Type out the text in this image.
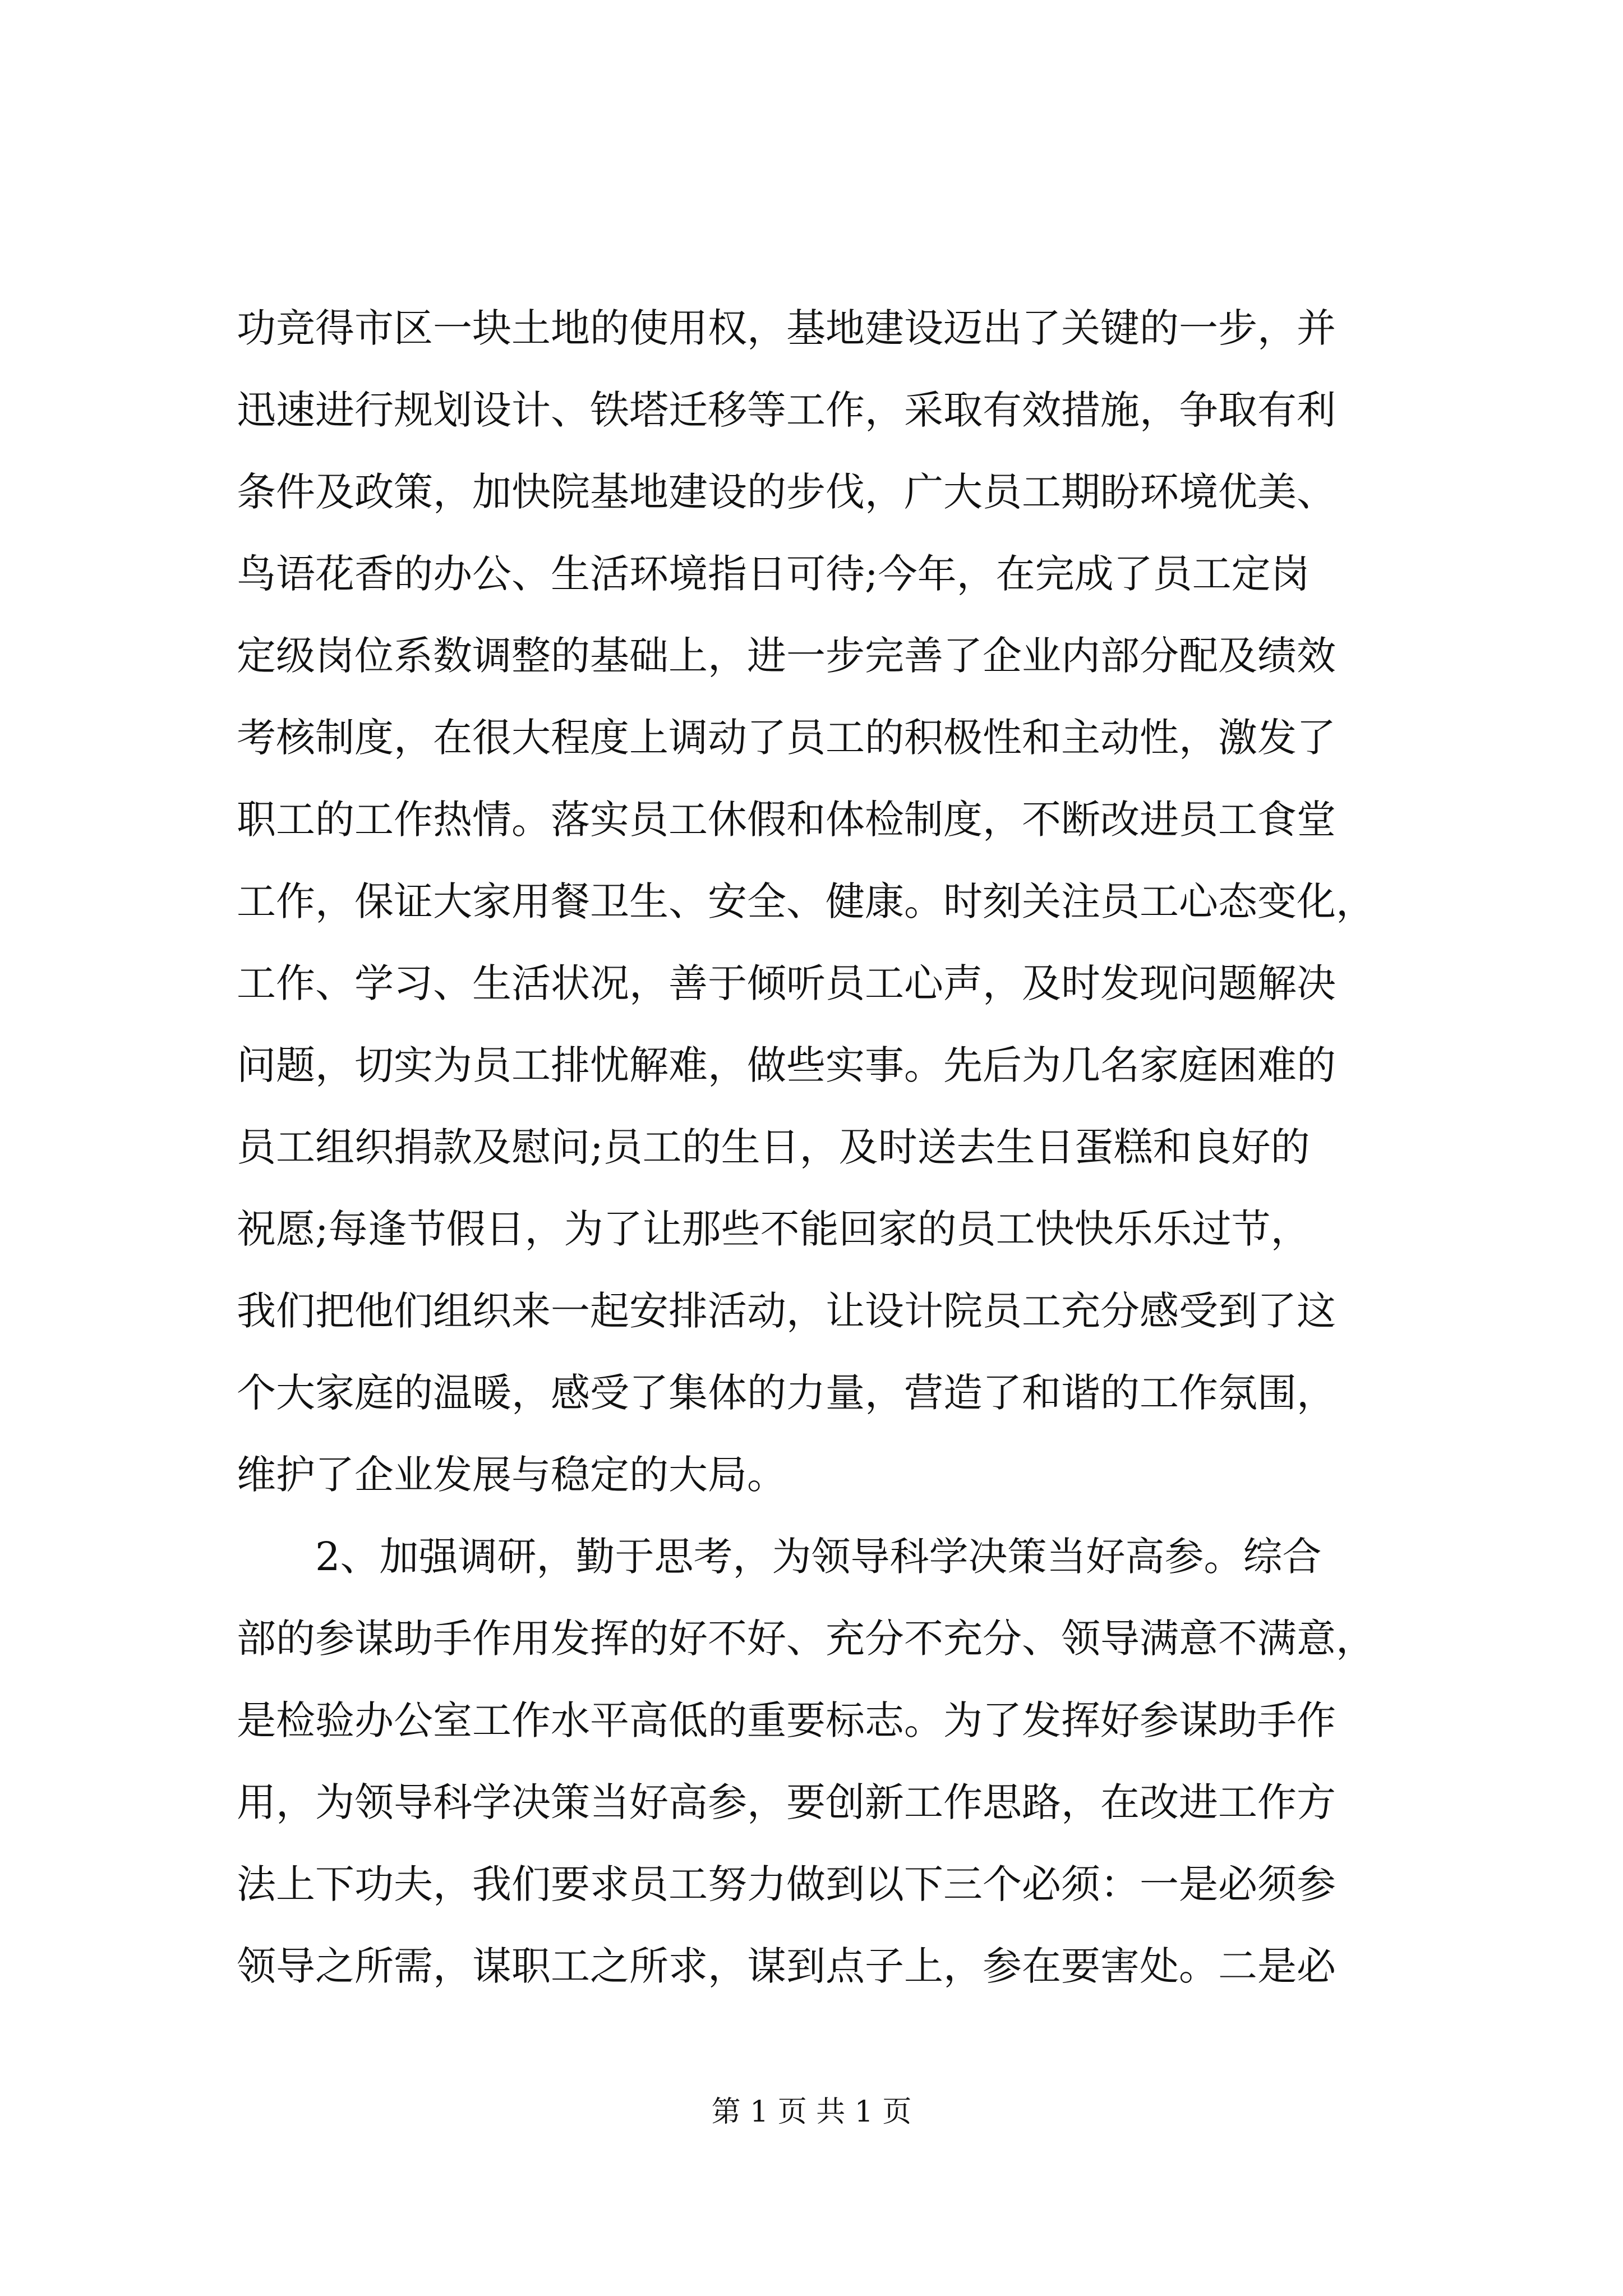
功竞得市区一块土地的使用权，基地建设迈出了关键的一步，并
迅速进行规划设计、铁塔迁移等工作，采取有效措施，争取有利
条件及政策，加快院基地建设的步伐，广大员工期盼环境优美、
鸟语花香的办公、生活环境指日可待;今年，在完成了员工定岗
定级岗位系数调整的基础上，进一步完善了企业内部分配及绩效
考核制度，在很大程度上调动了员工的积极性和主动性，激发了
职工的工作热情。落实员工休假和体检制度，不断改进员工食堂
工作，保证大家用餐卫生、安全、健康。时刻关注员工心态变化，
工作、学习、生活状况，善于倾听员工心声，及时发现问题解决
问题，切实为员工排忧解难，做些实事。先后为几名家庭困难的
员工组织捐款及慰问;员工的生日，及时送去生日蛋糕和良好的
祝愿;每逢节假日，为了让那些不能回家的员工快快乐乐过节，
我们把他们组织来一起安排活动，让设计院员工充分感受到了这
个大家庭的温暖，感受了集体的力量，营造了和谐的工作氛围，
维护了企业发展与稳定的大局。
2、加强调研，勤于思考，为领导科学决策当好高参。综合
部的参谋助手作用发挥的好不好、充分不充分、领导满意不满意，
是检验办公室工作水平高低的重要标志。为了发挥好参谋助手作
用，为领导科学决策当好高参，要创新工作思路，在改进工作方
法上下功夫，我们要求员工努力做到以下三个必须：一是必须参
领导之所需，谋职工之所求，谋到点子上，参在要害处。二是必
第 1 页 共 1 页
